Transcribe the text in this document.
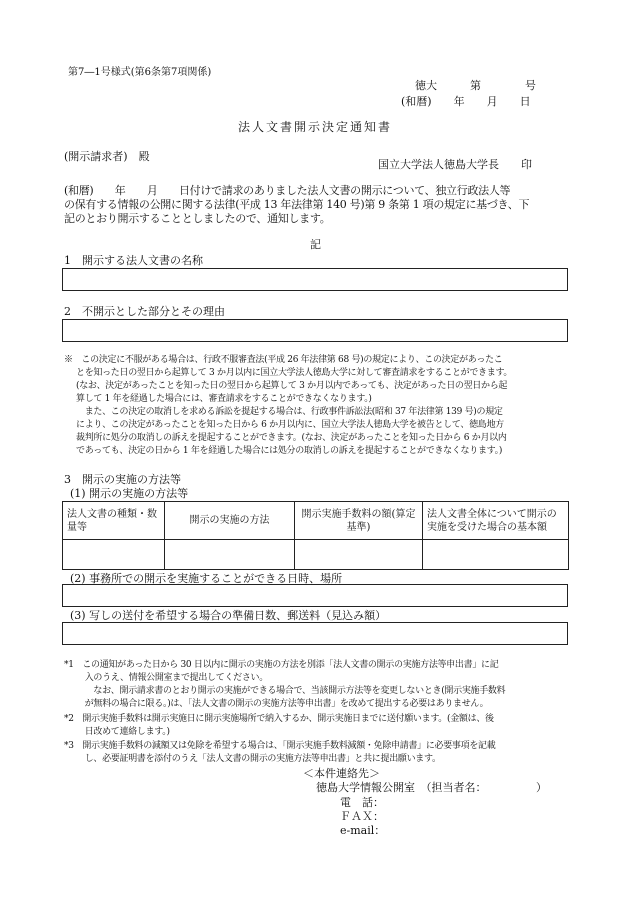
第7―1号様式(第6条第7項関係)
徳大　　　第　　　　号
(和暦)　　年　　月　　日
法人文書開示決定通知書
(開示請求者)　殿
国立大学法人徳島大学長　　印
(和暦)　　年　　月　　日付けで請求のありました法人文書の開示について、独立行政法人等
の保有する情報の公開に関する法律(平成 13 年法律第 140 号)第 9 条第 1 項の規定に基づき、下
記のとおり開示することとしましたので、通知します。
記
1　開示する法人文書の名称
2　不開示とした部分とその理由
※　この決定に不服がある場合は、行政不服審査法(平成 26 年法律第 68 号)の規定により、この決定があったこ
とを知った日の翌日から起算して 3 か月以内に国立大学法人徳島大学に対して審査請求をすることができます。
(なお、決定があったことを知った日の翌日から起算して 3 か月以内であっても、決定があった日の翌日から起
算して 1 年を経過した場合には、審査請求をすることができなくなります。)
　また、この決定の取消しを求める訴訟を提起する場合は、行政事件訴訟法(昭和 37 年法律第 139 号)の規定
により、この決定があったことを知った日から 6 か月以内に、国立大学法人徳島大学を被告として、徳島地方
裁判所に処分の取消しの訴えを提起することができます。(なお、決定があったことを知った日から 6 か月以内
であっても、決定の日から 1 年を経過した場合には処分の取消しの訴えを提起することができなくなります。)
3　開示の実施の方法等
(1) 開示の実施の方法等
法人文書の種類・数量等	開示の実施の方法	開示実施手数料の額(算定基準)	法人文書全体について開示の実施を受けた場合の基本額

(2) 事務所での開示を実施することができる日時、場所
(3) 写しの送付を希望する場合の準備日数、郵送料（見込み額）
*1　この通知があった日から 30 日以内に開示の実施の方法を別添「法人文書の開示の実施方法等申出書」に記
　入のうえ、情報公開室まで提出してください。
　　なお、開示請求書のとおり開示の実施ができる場合で、当該開示方法等を変更しないとき(開示実施手数料
　が無料の場合に限る。)は、「法人文書の開示の実施方法等申出書」を改めて提出する必要はありません。
*2　開示実施手数料は開示実施日に開示実施場所で納入するか、開示実施日までに送付願います。(金額は、後
　日改めて連絡します。)
*3　開示実施手数料の減額又は免除を希望する場合は、「開示実施手数料減額・免除申請書」に必要事項を記載
　し、必要証明書を添付のうえ「法人文書の開示の実施方法等申出書」と共に提出願います。
＜本件連絡先＞
徳島大学情報公開室　（担当者名：　　　　　）
電　話：
ＦＡＸ：
e-mail：
